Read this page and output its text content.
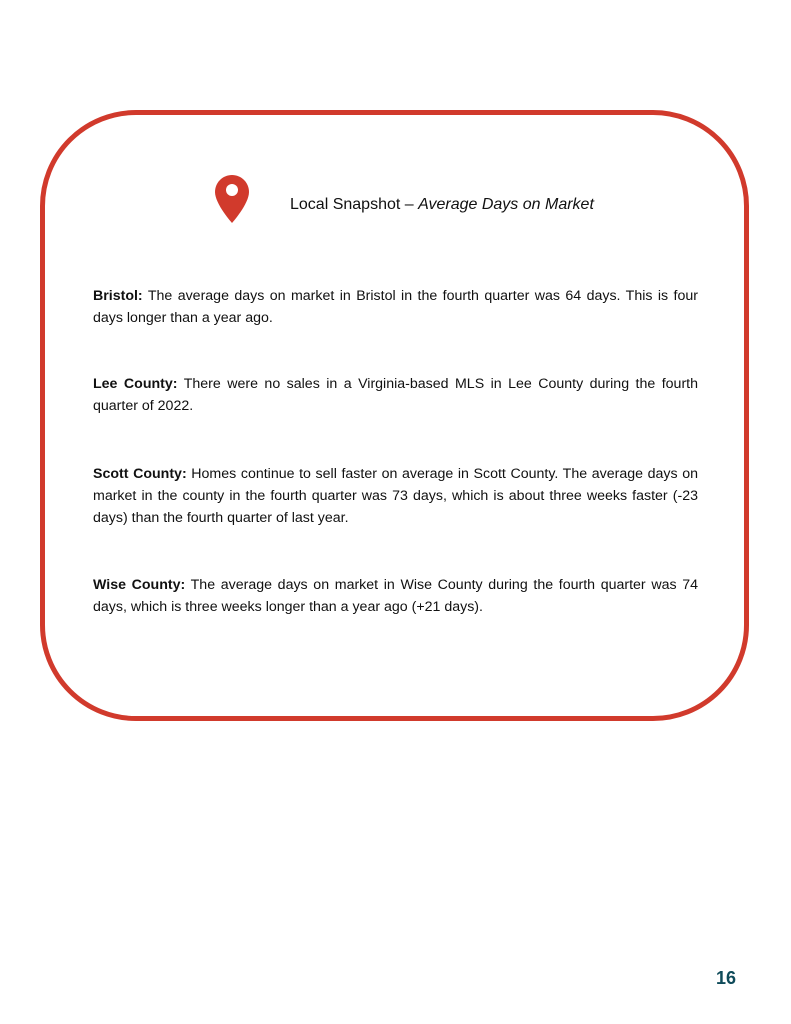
Local Snapshot – Average Days on Market

Bristol: The average days on market in Bristol in the fourth quarter was 64 days. This is four days longer than a year ago.

Lee County: There were no sales in a Virginia-based MLS in Lee County during the fourth quarter of 2022.

Scott County: Homes continue to sell faster on average in Scott County. The average days on market in the county in the fourth quarter was 73 days, which is about three weeks faster (-23 days) than the fourth quarter of last year.

Wise County: The average days on market in Wise County during the fourth quarter was 74 days, which is three weeks longer than a year ago (+21 days).

16
